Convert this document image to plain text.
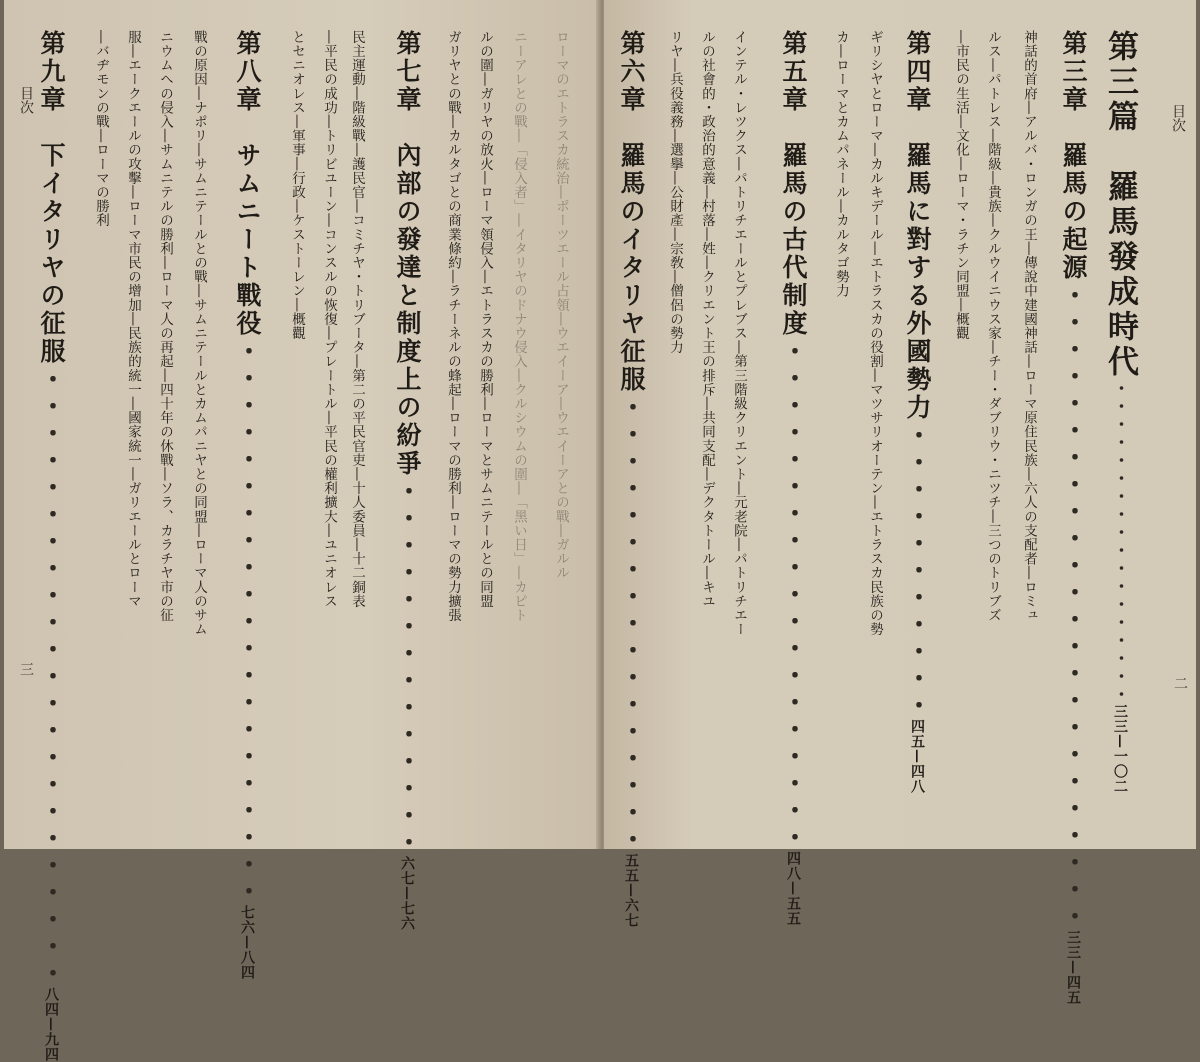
目次
三
ローマのエトラスカ統治―ポーツエール占領―ウエイーア―ウエイーアとの戰―ガルル
ニーアレとの戰―「侵入者」―イタリヤのドナウ侵入―クルシウムの圍―「黑い日」―カピト
ルの圍―ガリヤの放火―ローマ領侵入―エトラスカの勝利―ローマとサムニテールとの同盟
ガリヤとの戰―カルタゴとの商業條約―ラチーネルの蜂起―ローマの勝利―ローマの勢力擴張
第七章　內部の發達と制度上の紛爭・・・・・・・・・・・・・・六七—七六
民主運動―階級戰―護民官―コミチヤ・トリブータ―第二の平民官吏―十人委員―十二銅表
―平民の成功―トリビユーン―コンスルの恢復―プレートル―平民の權利擴大―ユニオレス
とセニオレス―軍事―行政―ケストーレン―概觀
第八章　サムニート戰役・・・・・・・・・・・・・・・・・・・・・七六—八四
戰の原因―ナポリ―サムニテールとの戰―サムニテールとカムパニヤとの同盟―ローマ人のサム
ニウムへの侵入―サムニテルの勝利―ローマ人の再起―四十年の休戰―ソラ、カラチヤ市の征
服―エークエールの攻擊―ローマ市民の增加―民族的統一―國家統一―ガリエールとローマ
―バヂモンの戰―ローマの勝利
第九章　下イタリヤの征服・・・・・・・・・・・・・・・・・・・・・・・八四—九四
目次
二
第三篇　羅馬發成時代・・・・・・・・・・・・・・・・・・三三—一〇二
第三章　羅馬の起源・・・・・・・・・・・・・・・・・・・・・・・・三三—四五
神話的首府―アルバ・ロンガの王―傳說中建國神話―ローマ原住民族―六人の支配者―ロミュ
ルス―パトレス―階級―貴族―クルウイニウス家―チー・ダブリウ・ニツチ―三つのトリブズ
―市民の生活―文化―ローマ・ラチン同盟―概觀
第四章　羅馬に對する外國勢力・・・・・・・・・・・四五—四八
ギリシヤとローマ―カルキデール―エトラスカの役割―マツサリオーテン―エトラスカ民族の勢
カ―ローマとカムパネール―カルタゴ勢力
第五章　羅馬の古代制度・・・・・・・・・・・・・・・・・・・四八—五五
インテル・レツクス―パトリチエールとプレブス―第三階級クリエント―元老院―パトリチエー
ルの社會的・政治的意義―村落―姓―クリエント王の排斥―共同支配―デクタトール―キユ
リヤ―兵役義務―選擧―公財產―宗敎―僧侶の勢力
第六章　羅馬のイタリヤ征服・・・・・・・・・・・・・・・・・五五—六七
